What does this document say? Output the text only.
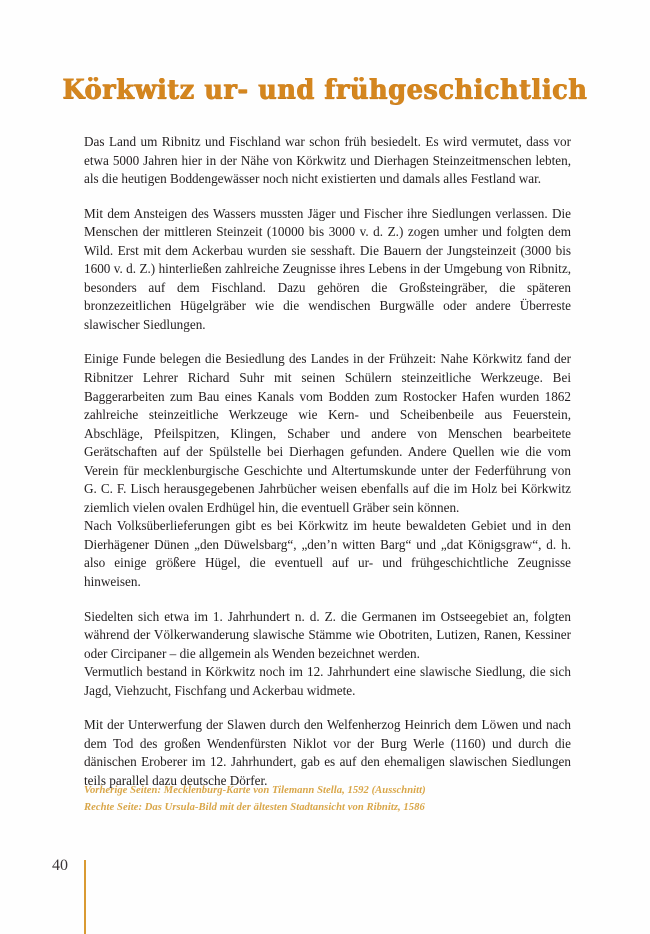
Körkwitz ur- und frühgeschichtlich

Das Land um Ribnitz und Fischland war schon früh besiedelt. Es wird vermutet, dass vor etwa 5000 Jahren hier in der Nähe von Körkwitz und Dierhagen Steinzeitmenschen lebten, als die heutigen Boddengewässer noch nicht existierten und damals alles Festland war.

Mit dem Ansteigen des Wassers mussten Jäger und Fischer ihre Siedlungen verlassen. Die Menschen der mittleren Steinzeit (10000 bis 3000 v. d. Z.) zogen umher und folgten dem Wild. Erst mit dem Ackerbau wurden sie sesshaft. Die Bauern der Jungsteinzeit (3000 bis 1600 v. d. Z.) hinterließen zahlreiche Zeugnisse ihres Lebens in der Umgebung von Ribnitz, besonders auf dem Fischland. Dazu gehören die Großsteingräber, die späteren bronzezeitlichen Hügelgräber wie die wendischen Burgwälle oder andere Überreste slawischer Siedlungen.

Einige Funde belegen die Besiedlung des Landes in der Frühzeit: Nahe Körkwitz fand der Ribnitzer Lehrer Richard Suhr mit seinen Schülern steinzeitliche Werkzeuge. Bei Baggerarbeiten zum Bau eines Kanals vom Bodden zum Rostocker Hafen wurden 1862 zahlreiche steinzeitliche Werkzeuge wie Kern- und Scheibenbeile aus Feuerstein, Abschläge, Pfeilspitzen, Klingen, Schaber und andere von Menschen bearbeitete Gerätschaften auf der Spülstelle bei Dierhagen gefunden. Andere Quellen wie die vom Verein für mecklenburgische Geschichte und Altertumskunde unter der Federführung von G. C. F. Lisch herausgegebenen Jahrbücher weisen ebenfalls auf die im Holz bei Körkwitz ziemlich vielen ovalen Erdhügel hin, die eventuell Gräber sein können.

Nach Volksüberlieferungen gibt es bei Körkwitz im heute bewaldeten Gebiet und in den Dierhägener Dünen „den Düwelsbarg“, „den’n witten Barg“ und „dat Königsgraw“, d. h. also einige größere Hügel, die eventuell auf ur- und frühgeschichtliche Zeugnisse hinweisen.

Siedelten sich etwa im 1. Jahrhundert n. d. Z. die Germanen im Ostseegebiet an, folgten während der Völkerwanderung slawische Stämme wie Obotriten, Lutizen, Ranen, Kessiner oder Circipaner – die allgemein als Wenden bezeichnet werden.

Vermutlich bestand in Körkwitz noch im 12. Jahrhundert eine slawische Siedlung, die sich Jagd, Viehzucht, Fischfang und Ackerbau widmete.

Mit der Unterwerfung der Slawen durch den Welfenherzog Heinrich dem Löwen und nach dem Tod des großen Wendenfürsten Niklot vor der Burg Werle (1160) und durch die dänischen Eroberer im 12. Jahrhundert, gab es auf den ehemaligen slawischen Siedlungen teils parallel dazu deutsche Dörfer.

Vorherige Seiten: Mecklenburg-Karte von Tilemann Stella, 1592 (Ausschnitt)
Rechte Seite: Das Ursula-Bild mit der ältesten Stadtansicht von Ribnitz, 1586
40
